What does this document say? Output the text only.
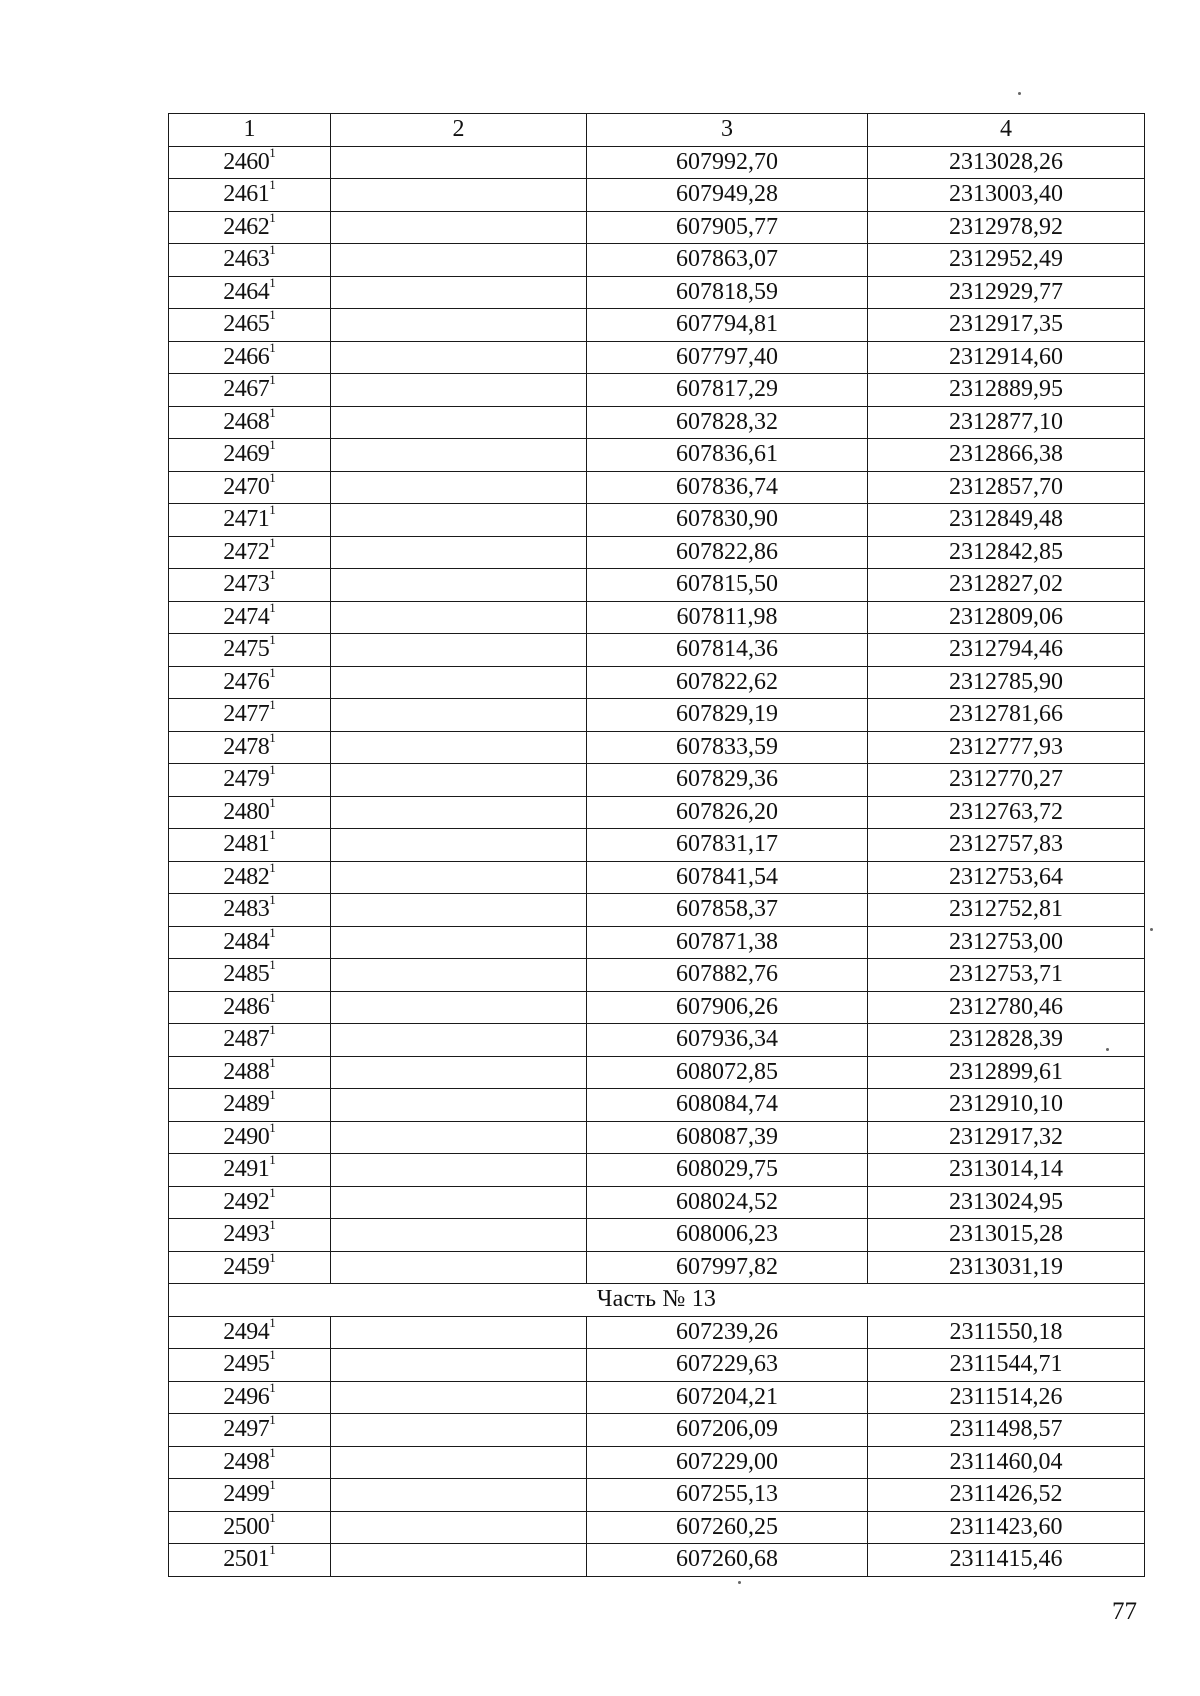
1	2	3	4
2460$^1$		607992,70	2313028,26
2461$^1$		607949,28	2313003,40
2462$^1$		607905,77	2312978,92
2463$^1$		607863,07	2312952,49
2464$^1$		607818,59	2312929,77
2465$^1$		607794,81	2312917,35
2466$^1$		607797,40	2312914,60
2467$^1$		607817,29	2312889,95
2468$^1$		607828,32	2312877,10
2469$^1$		607836,61	2312866,38
2470$^1$		607836,74	2312857,70
2471$^1$		607830,90	2312849,48
2472$^1$		607822,86	2312842,85
2473$^1$		607815,50	2312827,02
2474$^1$		607811,98	2312809,06
2475$^1$		607814,36	2312794,46
2476$^1$		607822,62	2312785,90
2477$^1$		607829,19	2312781,66
2478$^1$		607833,59	2312777,93
2479$^1$		607829,36	2312770,27
2480$^1$		607826,20	2312763,72
2481$^1$		607831,17	2312757,83
2482$^1$		607841,54	2312753,64
2483$^1$		607858,37	2312752,81
2484$^1$		607871,38	2312753,00
2485$^1$		607882,76	2312753,71
2486$^1$		607906,26	2312780,46
2487$^1$		607936,34	2312828,39
2488$^1$		608072,85	2312899,61
2489$^1$		608084,74	2312910,10
2490$^1$		608087,39	2312917,32
2491$^1$		608029,75	2313014,14
2492$^1$		608024,52	2313024,95
2493$^1$		608006,23	2313015,28
2459$^1$		607997,82	2313031,19
Часть № 13			
2494$^1$		607239,26	2311550,18
2495$^1$		607229,63	2311544,71
2496$^1$		607204,21	2311514,26
2497$^1$		607206,09	2311498,57
2498$^1$		607229,00	2311460,04
2499$^1$		607255,13	2311426,52
2500$^1$		607260,25	2311423,60
2501$^1$		607260,68	2311415,46
77
